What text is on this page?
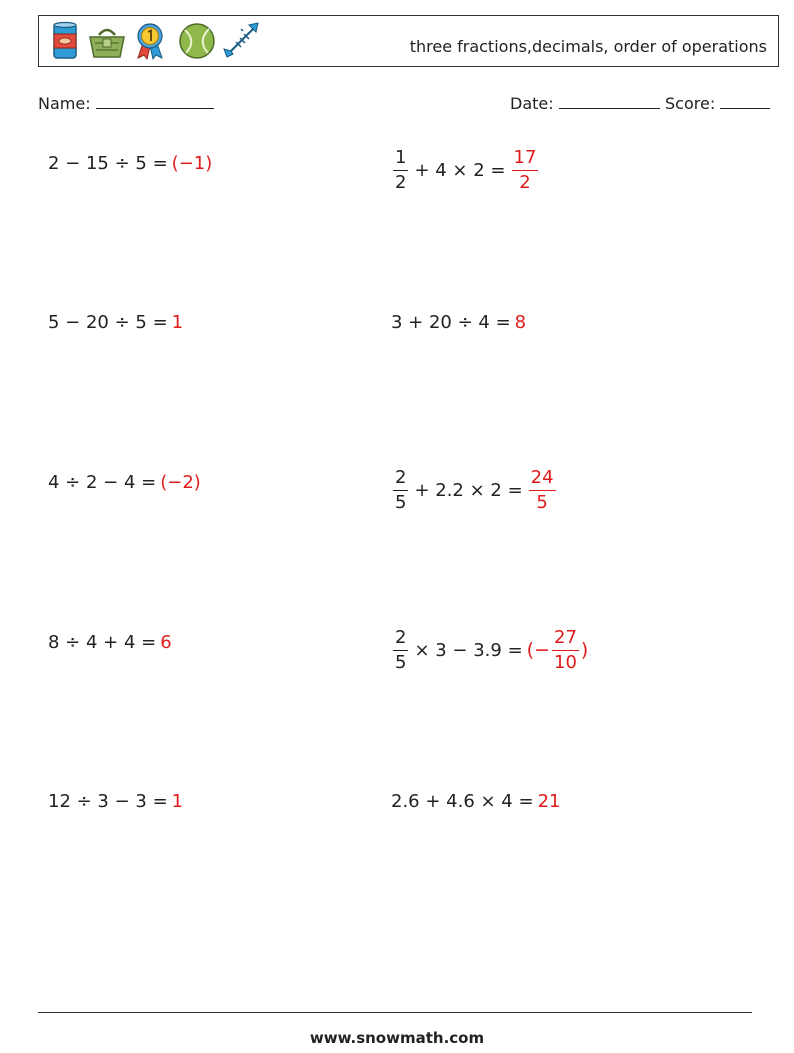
three fractions,decimals, order of operations
Name:	Date:	Score:
2 − 15 ÷ 5 = (−1)
5 − 20 ÷ 5 = 1
4 ÷ 2 − 4 = (−2)
8 ÷ 4 + 4 = 6
12 ÷ 3 − 3 = 1
$\frac{1}{2} + 4 \times 2 = \frac{17}{2}$
3 + 20 ÷ 4 = 8
$\frac{2}{5} + 2.2 \times 2 = \frac{24}{5}$
$\frac{2}{5} \times 3 - 3.9$ = (− $\frac{27}{10}$ )
2.6 + 4.6 × 4 = 21
www.snowmath.com
